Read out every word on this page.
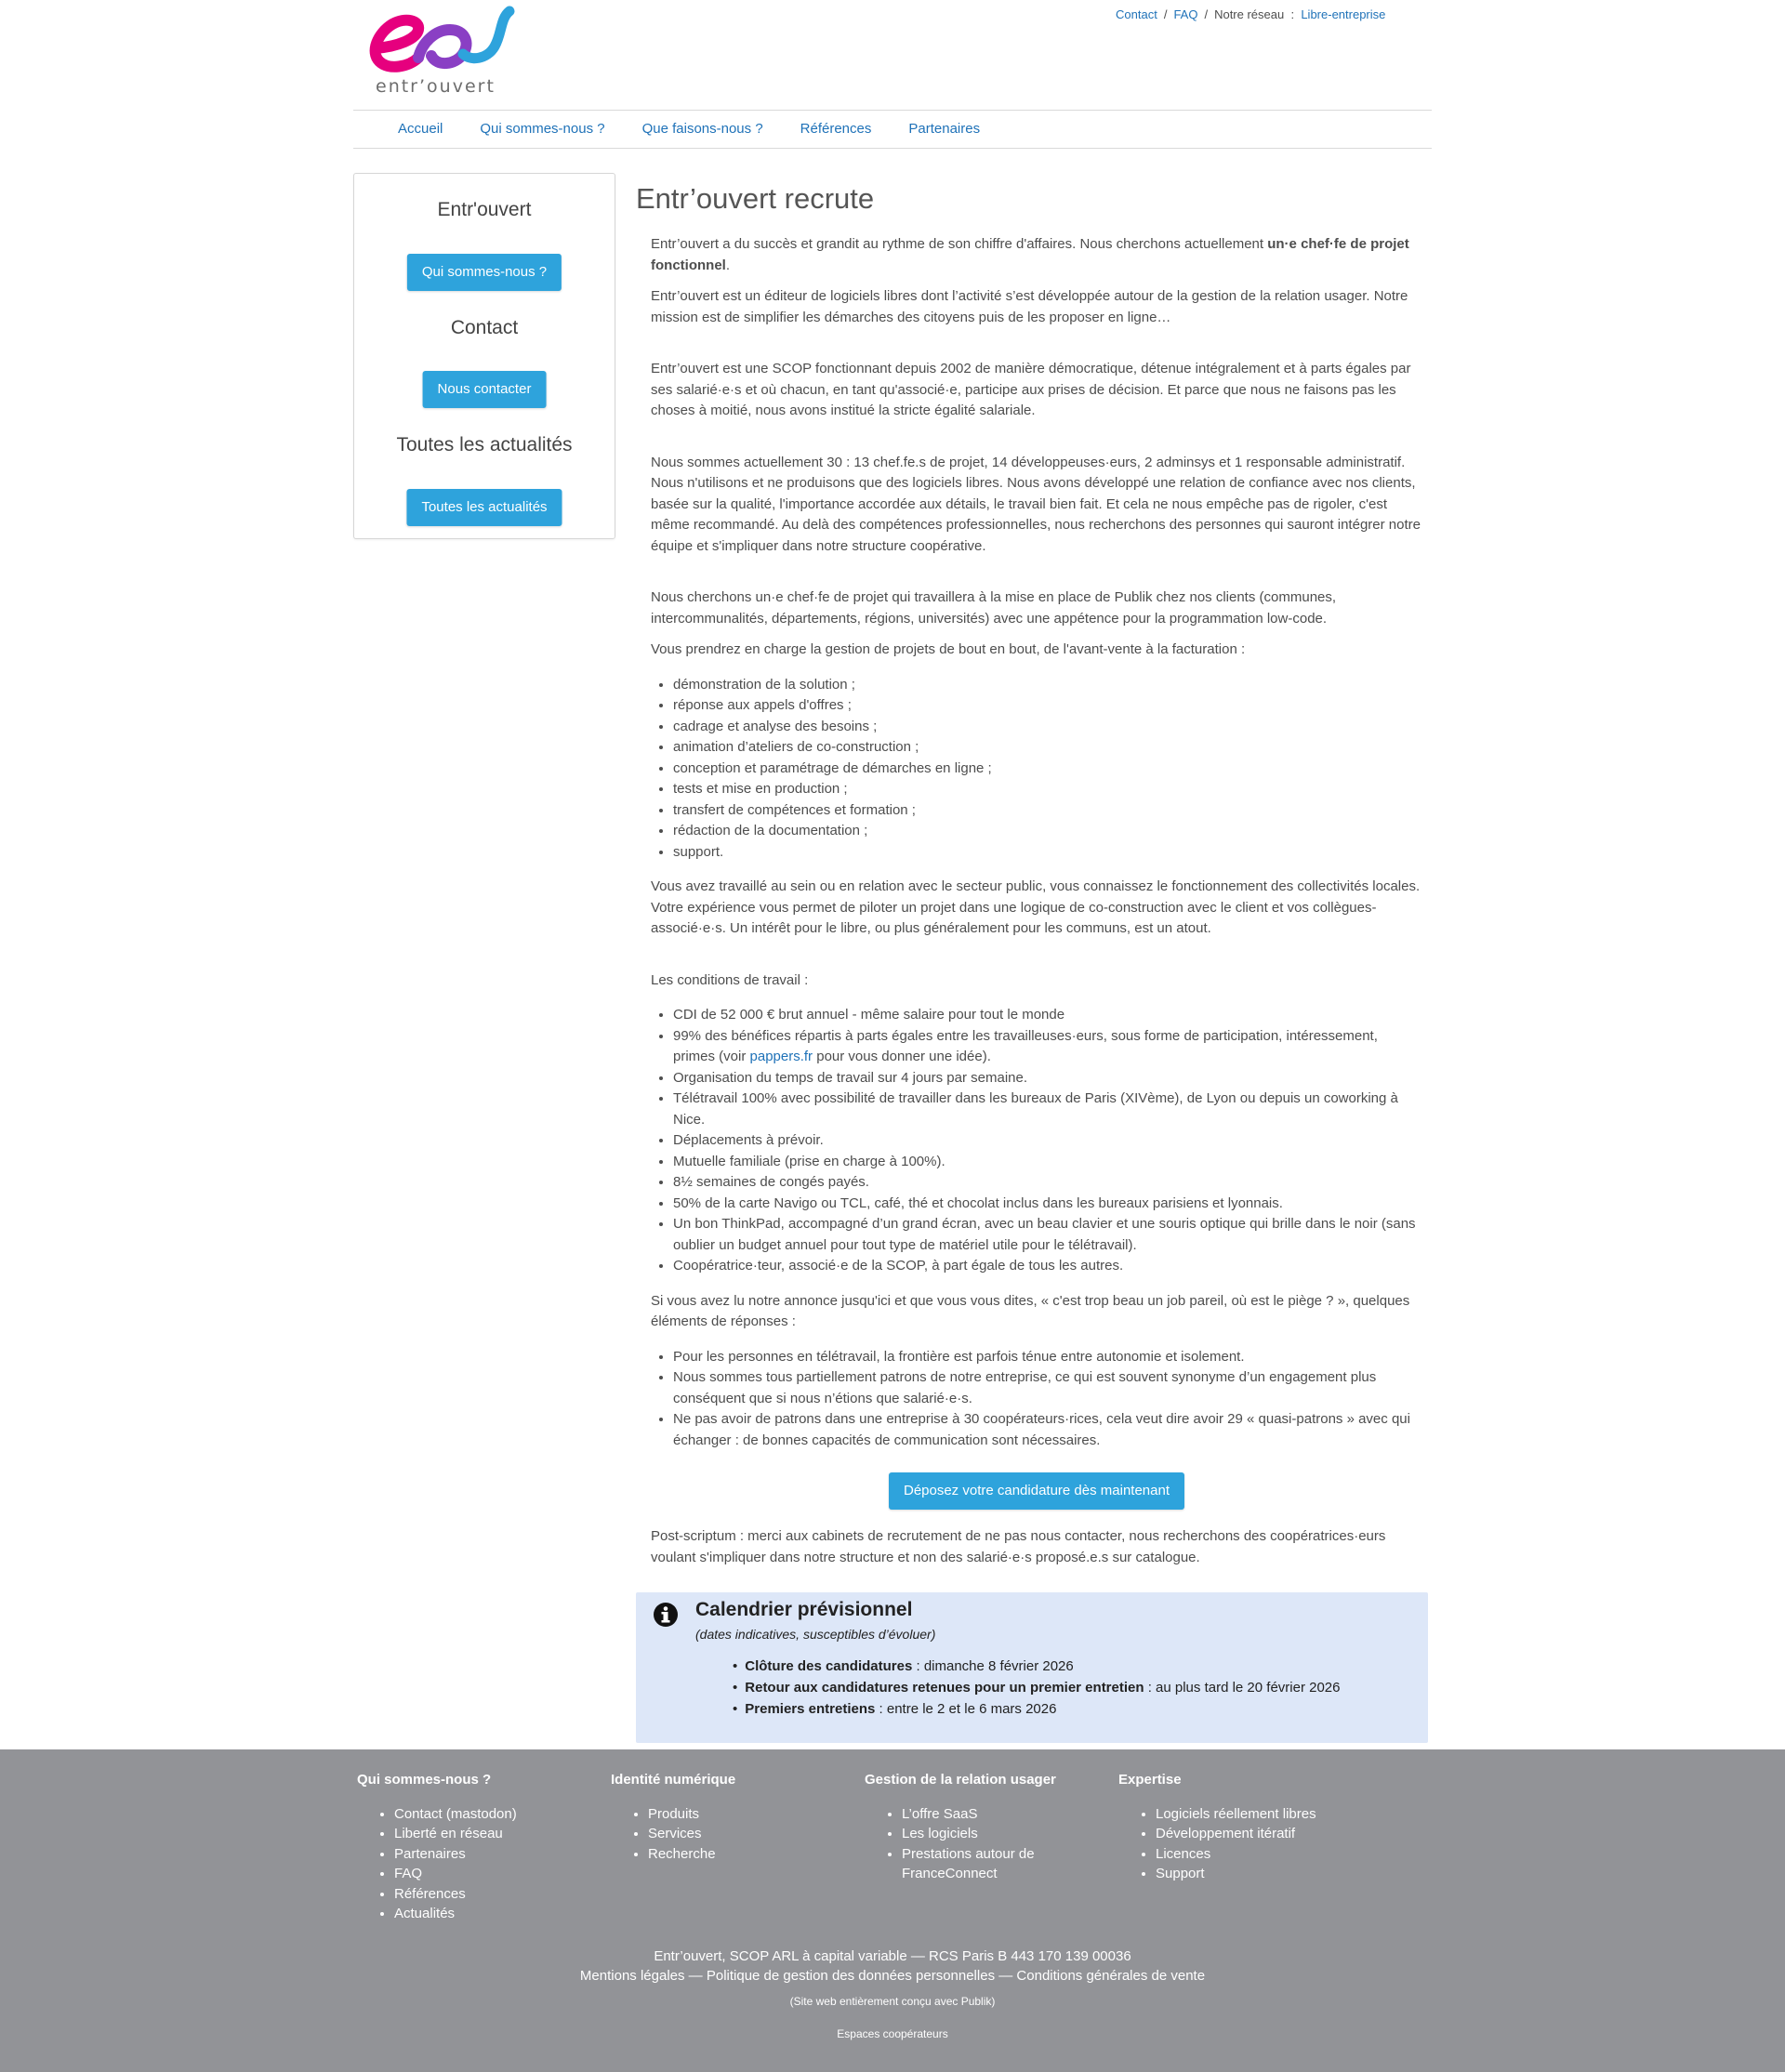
entr’ouvert
Contact / FAQ / Notre réseau : Libre-entreprise
Accueil	Qui sommes-nous ?	Que faisons-nous ?	Références	Partenaires
Entr'ouvert
Qui sommes-nous ?
Contact
Nous contacter
Toutes les actualités
Toutes les actualités
Entr’ouvert recrute

Entr’ouvert a du succès et grandit au rythme de son chiffre d'affaires. Nous cherchons actuellement un·e chef·fe de projet fonctionnel.

Entr’ouvert est un éditeur de logiciels libres dont l’activité s’est développée autour de la gestion de la relation usager. Notre mission est de simplifier les démarches des citoyens puis de les proposer en ligne…

Entr’ouvert est une SCOP fonctionnant depuis 2002 de manière démocratique, détenue intégralement et à parts égales par ses salarié·e·s et où chacun, en tant qu'associé·e, participe aux prises de décision. Et parce que nous ne faisons pas les choses à moitié, nous avons institué la stricte égalité salariale.

Nous sommes actuellement 30 : 13 chef.fe.s de projet, 14 développeuses·eurs, 2 adminsys et 1 responsable administratif. Nous n'utilisons et ne produisons que des logiciels libres. Nous avons développé une relation de confiance avec nos clients, basée sur la qualité, l'importance accordée aux détails, le travail bien fait. Et cela ne nous empêche pas de rigoler, c'est même recommandé. Au delà des compétences professionnelles, nous recherchons des personnes qui sauront intégrer notre équipe et s'impliquer dans notre structure coopérative.

Nous cherchons un·e chef·fe de projet qui travaillera à la mise en place de Publik chez nos clients (communes, intercommunalités, départements, régions, universités) avec une appétence pour la programmation low-code.

Vous prendrez en charge la gestion de projets de bout en bout, de l'avant-vente à la facturation :

• démonstration de la solution ;
• réponse aux appels d'offres ;
• cadrage et analyse des besoins ;
• animation d’ateliers de co-construction ;
• conception et paramétrage de démarches en ligne ;
• tests et mise en production ;
• transfert de compétences et formation ;
• rédaction de la documentation ;
• support.

Vous avez travaillé au sein ou en relation avec le secteur public, vous connaissez le fonctionnement des collectivités locales. Votre expérience vous permet de piloter un projet dans une logique de co-construction avec le client et vos collègues-associé·e·s. Un intérêt pour le libre, ou plus généralement pour les communs, est un atout.

Les conditions de travail :

• CDI de 52 000 € brut annuel - même salaire pour tout le monde
• 99% des bénéfices répartis à parts égales entre les travailleuses·eurs, sous forme de participation, intéressement, primes (voir pappers.fr pour vous donner une idée).
• Organisation du temps de travail sur 4 jours par semaine.
• Télétravail 100% avec possibilité de travailler dans les bureaux de Paris (XIVème), de Lyon ou depuis un coworking à Nice.
• Déplacements à prévoir.
• Mutuelle familiale (prise en charge à 100%).
• 8½ semaines de congés payés.
• 50% de la carte Navigo ou TCL, café, thé et chocolat inclus dans les bureaux parisiens et lyonnais.
• Un bon ThinkPad, accompagné d’un grand écran, avec un beau clavier et une souris optique qui brille dans le noir (sans oublier un budget annuel pour tout type de matériel utile pour le télétravail).
• Coopératrice·teur, associé·e de la SCOP, à part égale de tous les autres.

Si vous avez lu notre annonce jusqu'ici et que vous vous dites, « c'est trop beau un job pareil, où est le piège ? », quelques éléments de réponses :

• Pour les personnes en télétravail, la frontière est parfois ténue entre autonomie et isolement.
• Nous sommes tous partiellement patrons de notre entreprise, ce qui est souvent synonyme d’un engagement plus conséquent que si nous n’étions que salarié·e·s.
• Ne pas avoir de patrons dans une entreprise à 30 coopérateurs·rices, cela veut dire avoir 29 « quasi-patrons » avec qui échanger : de bonnes capacités de communication sont nécessaires.
Déposez votre candidature dès maintenant

Post-scriptum : merci aux cabinets de recrutement de ne pas nous contacter, nous recherchons des coopératrices·eurs voulant s'impliquer dans notre structure et non des salarié·e·s proposé.e.s sur catalogue.

Calendrier prévisionnel
(dates indicatives, susceptibles d’évoluer)
• Clôture des candidatures : dimanche 8 février 2026
• Retour aux candidatures retenues pour un premier entretien : au plus tard le 20 février 2026
• Premiers entretiens : entre le 2 et le 6 mars 2026
Qui sommes-nous ?
• Contact (mastodon)
• Liberté en réseau
• Partenaires
• FAQ
• Références
• Actualités
Identité numérique
• Produits
• Services
• Recherche
Gestion de la relation usager
• L’offre SaaS
• Les logiciels
• Prestations autour de FranceConnect
Expertise
• Logiciels réellement libres
• Développement itératif
• Licences
• Support
Entr’ouvert, SCOP ARL à capital variable — RCS Paris B 443 170 139 00036
Mentions légales — Politique de gestion des données personnelles — Conditions générales de vente
(Site web entièrement conçu avec Publik)
Espaces coopérateurs
